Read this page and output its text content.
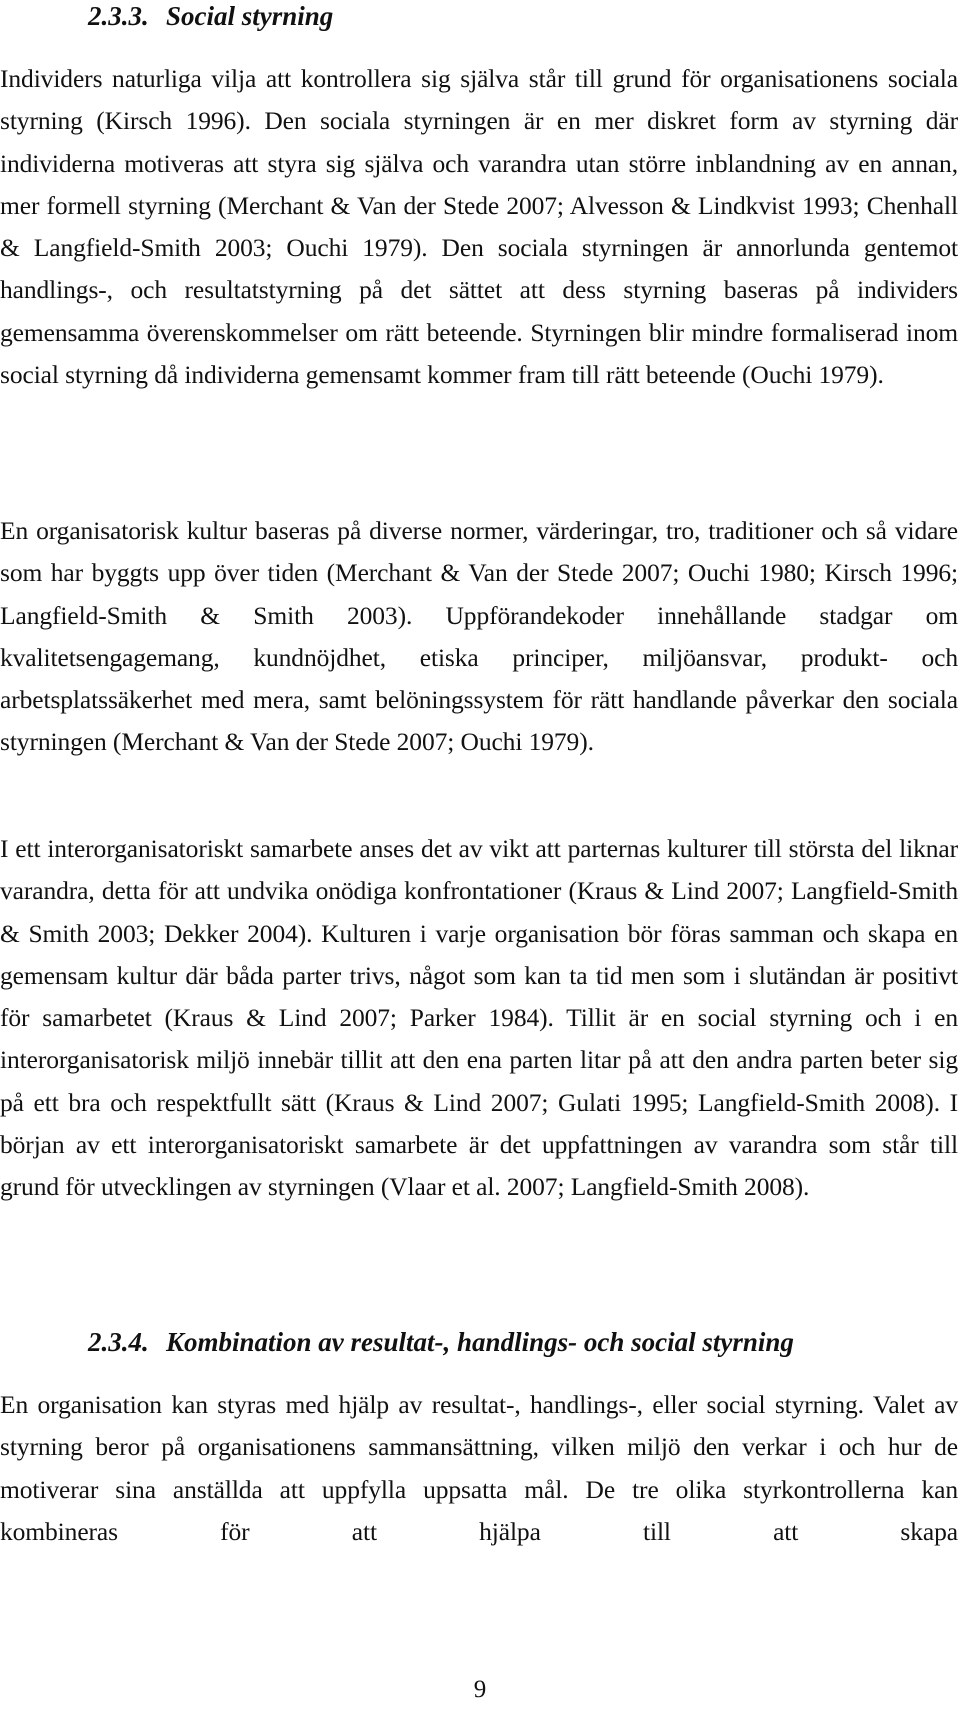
2.3.3. Social styrning

Individers naturliga vilja att kontrollera sig själva står till grund för organisationens sociala styrning (Kirsch 1996). Den sociala styrningen är en mer diskret form av styrning där individerna motiveras att styra sig själva och varandra utan större inblandning av en annan, mer formell styrning (Merchant & Van der Stede 2007; Alvesson & Lindkvist 1993; Chenhall & Langfield-Smith 2003; Ouchi 1979). Den sociala styrningen är annorlunda gentemot handlings-, och resultatstyrning på det sättet att dess styrning baseras på individers gemensamma överenskommelser om rätt beteende. Styrningen blir mindre formaliserad inom social styrning då individerna gemensamt kommer fram till rätt beteende (Ouchi 1979).

En organisatorisk kultur baseras på diverse normer, värderingar, tro, traditioner och så vidare som har byggts upp över tiden (Merchant & Van der Stede 2007; Ouchi 1980; Kirsch 1996; Langfield-Smith & Smith 2003). Uppförandekoder innehållande stadgar om kvalitetsengagemang, kundnöjdhet, etiska principer, miljöansvar, produkt- och arbetsplatssäkerhet med mera, samt belöningssystem för rätt handlande påverkar den sociala styrningen (Merchant & Van der Stede 2007; Ouchi 1979).

I ett interorganisatoriskt samarbete anses det av vikt att parternas kulturer till största del liknar varandra, detta för att undvika onödiga konfrontationer (Kraus & Lind 2007; Langfield-Smith & Smith 2003; Dekker 2004). Kulturen i varje organisation bör föras samman och skapa en gemensam kultur där båda parter trivs, något som kan ta tid men som i slutändan är positivt för samarbetet (Kraus & Lind 2007; Parker 1984). Tillit är en social styrning och i en interorganisatorisk miljö innebär tillit att den ena parten litar på att den andra parten beter sig på ett bra och respektfullt sätt (Kraus & Lind 2007; Gulati 1995; Langfield-Smith 2008). I början av ett interorganisatoriskt samarbete är det uppfattningen av varandra som står till grund för utvecklingen av styrningen (Vlaar et al. 2007; Langfield-Smith 2008).

2.3.4. Kombination av resultat-, handlings- och social styrning

En organisation kan styras med hjälp av resultat-, handlings-, eller social styrning. Valet av styrning beror på organisationens sammansättning, vilken miljö den verkar i och hur de motiverar sina anställda att uppfylla uppsatta mål. De tre olika styrkontrollerna kan kombineras för att hjälpa till att skapa

9
